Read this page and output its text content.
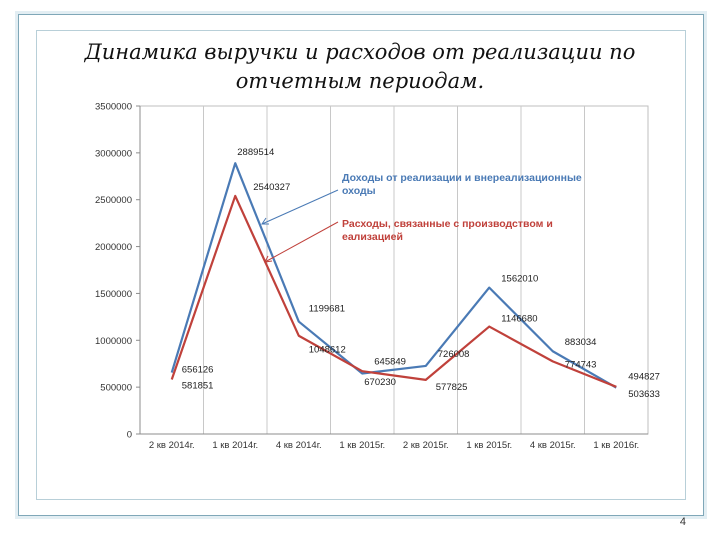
Динамика выручки и расходов от реализации по отчетным периодам.
0
500000
1000000
1500000
2000000
2500000
3000000
3500000
2 кв 2014г. 1 кв 2014г. 4 кв 2014г. 1 кв 2015г. 2 кв 2015г. 1 кв 2015г. 4 кв 2015г. 1 кв 2016г.
656126
2889514
1199681
645849
726008
1562010
883034
494827
581851
2540327
1048612
670230	577825
1146680
774743
503633
Доходы от реализации и внереализационные
оходы
Расходы, связанные с производством и
еализацией
4
